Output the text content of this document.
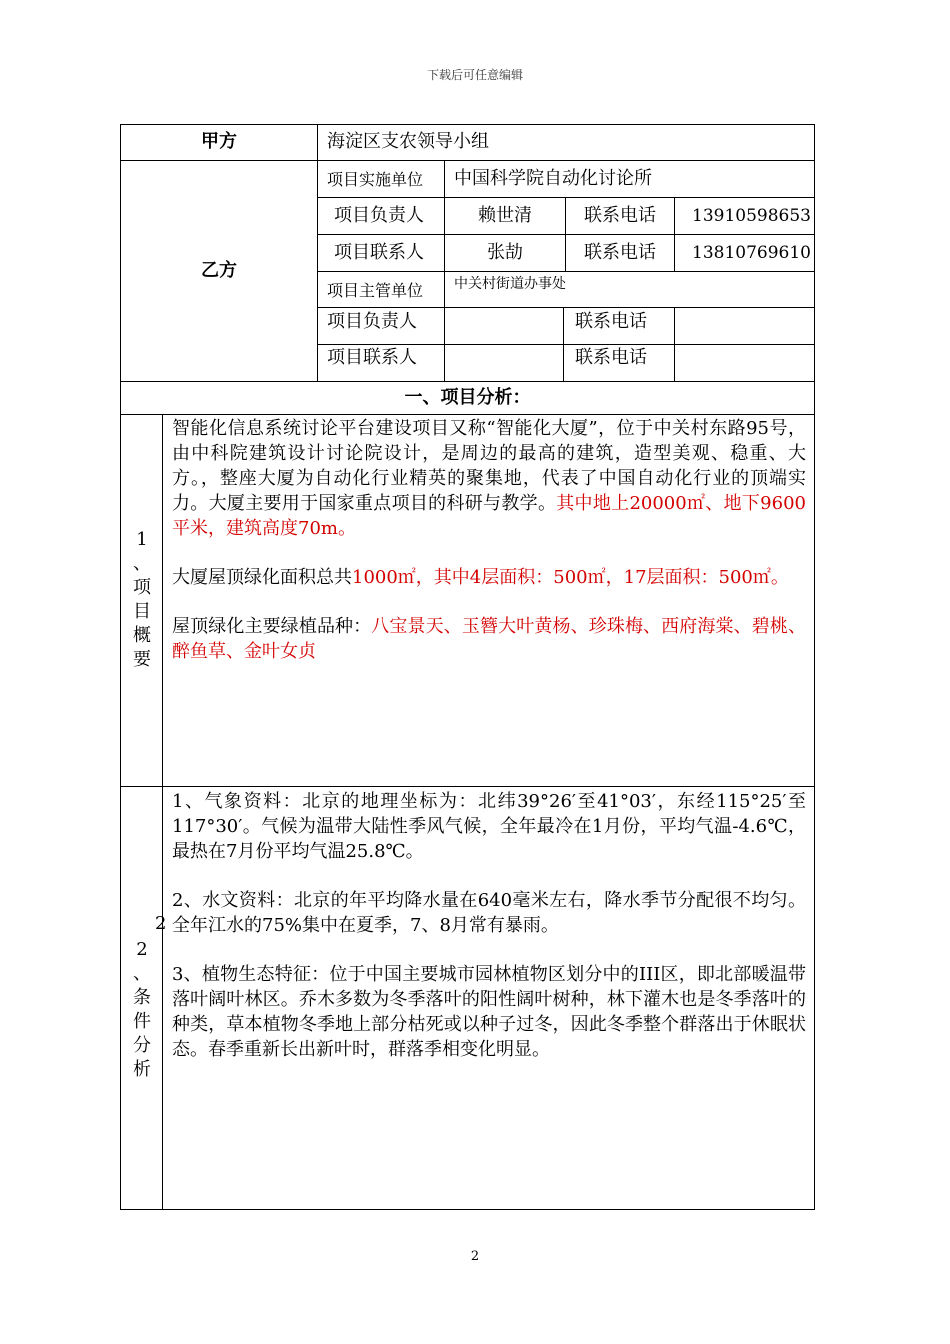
下载后可任意编辑
甲方	海淀区支农领导小组
乙方
项目实施单位	中国科学院自动化讨论所
项目负责人	赖世清	联系电话	13910598653
项目联系人	张劼	联系电话	13810769610
项目主管单位	中关村街道办事处
项目负责人	联系电话
项目联系人	联系电话
一、项目分析：
1
、
项
目
概
要

智能化信息系统讨论平台建设项目又称“智能化大厦”，位于中关村东路95号，由中科院建筑设计讨论院设计，是周边的最高的建筑，造型美观、稳重、大方。，整座大厦为自动化行业精英的聚集地，代表了中国自动化行业的顶端实力。大厦主要用于国家重点项目的科研与教学。其中地上20000㎡、地下9600平米，建筑高度70m。

大厦屋顶绿化面积总共1000㎡，其中4层面积：500㎡，17层面积：500㎡。

屋顶绿化主要绿植品种：八宝景天、玉簪大叶黄杨、珍珠梅、西府海棠、碧桃、醉鱼草、金叶女贞

2
、
条
件
分
析
2

1、气象资料：北京的地理坐标为：北纬39°26′至41°03′，东经115°25′至117°30′。气候为温带大陆性季风气候，全年最冷在1月份，平均气温-4.6℃，最热在7月份平均气温25.8℃。

2、水文资料：北京的年平均降水量在640毫米左右，降水季节分配很不均匀。全年江水的75%集中在夏季，7、8月常有暴雨。

3、植物生态特征：位于中国主要城市园林植物区划分中的III区，即北部暖温带落叶阔叶林区。乔木多数为冬季落叶的阳性阔叶树种，林下灌木也是冬季落叶的种类，草本植物冬季地上部分枯死或以种子过冬，因此冬季整个群落出于休眠状态。春季重新长出新叶时，群落季相变化明显。

2
